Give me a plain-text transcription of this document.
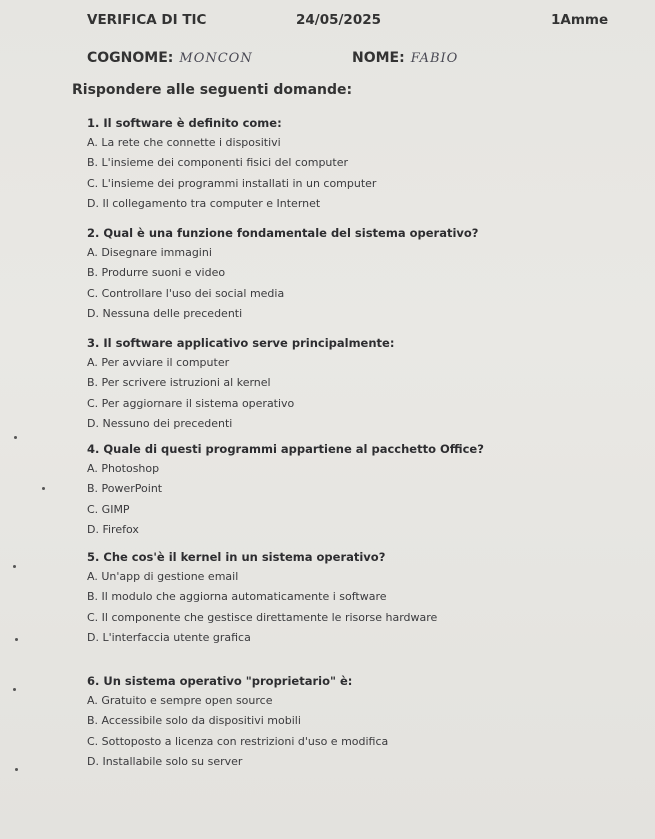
VERIFICA DI TIC	24/05/2025	1Amme
COGNOME: MONCON	NOME: FABIO
Rispondere alle seguenti domande:
1. Il software è definito come:
A. La rete che connette i dispositivi
B. L'insieme dei componenti fisici del computer
C. L'insieme dei programmi installati in un computer
D. Il collegamento tra computer e Internet
2. Qual è una funzione fondamentale del sistema operativo?
A. Disegnare immagini
B. Produrre suoni e video
C. Controllare l'uso dei social media
D. Nessuna delle precedenti
3. Il software applicativo serve principalmente:
A. Per avviare il computer
B. Per scrivere istruzioni al kernel
C. Per aggiornare il sistema operativo
D. Nessuno dei precedenti
4. Quale di questi programmi appartiene al pacchetto Office?
A. Photoshop
B. PowerPoint
C. GIMP
D. Firefox
5. Che cos'è il kernel in un sistema operativo?
A. Un'app di gestione email
B. Il modulo che aggiorna automaticamente i software
C. Il componente che gestisce direttamente le risorse hardware
D. L'interfaccia utente grafica
6. Un sistema operativo "proprietario" è:
A. Gratuito e sempre open source
B. Accessibile solo da dispositivi mobili
C. Sottoposto a licenza con restrizioni d'uso e modifica
D. Installabile solo su server
